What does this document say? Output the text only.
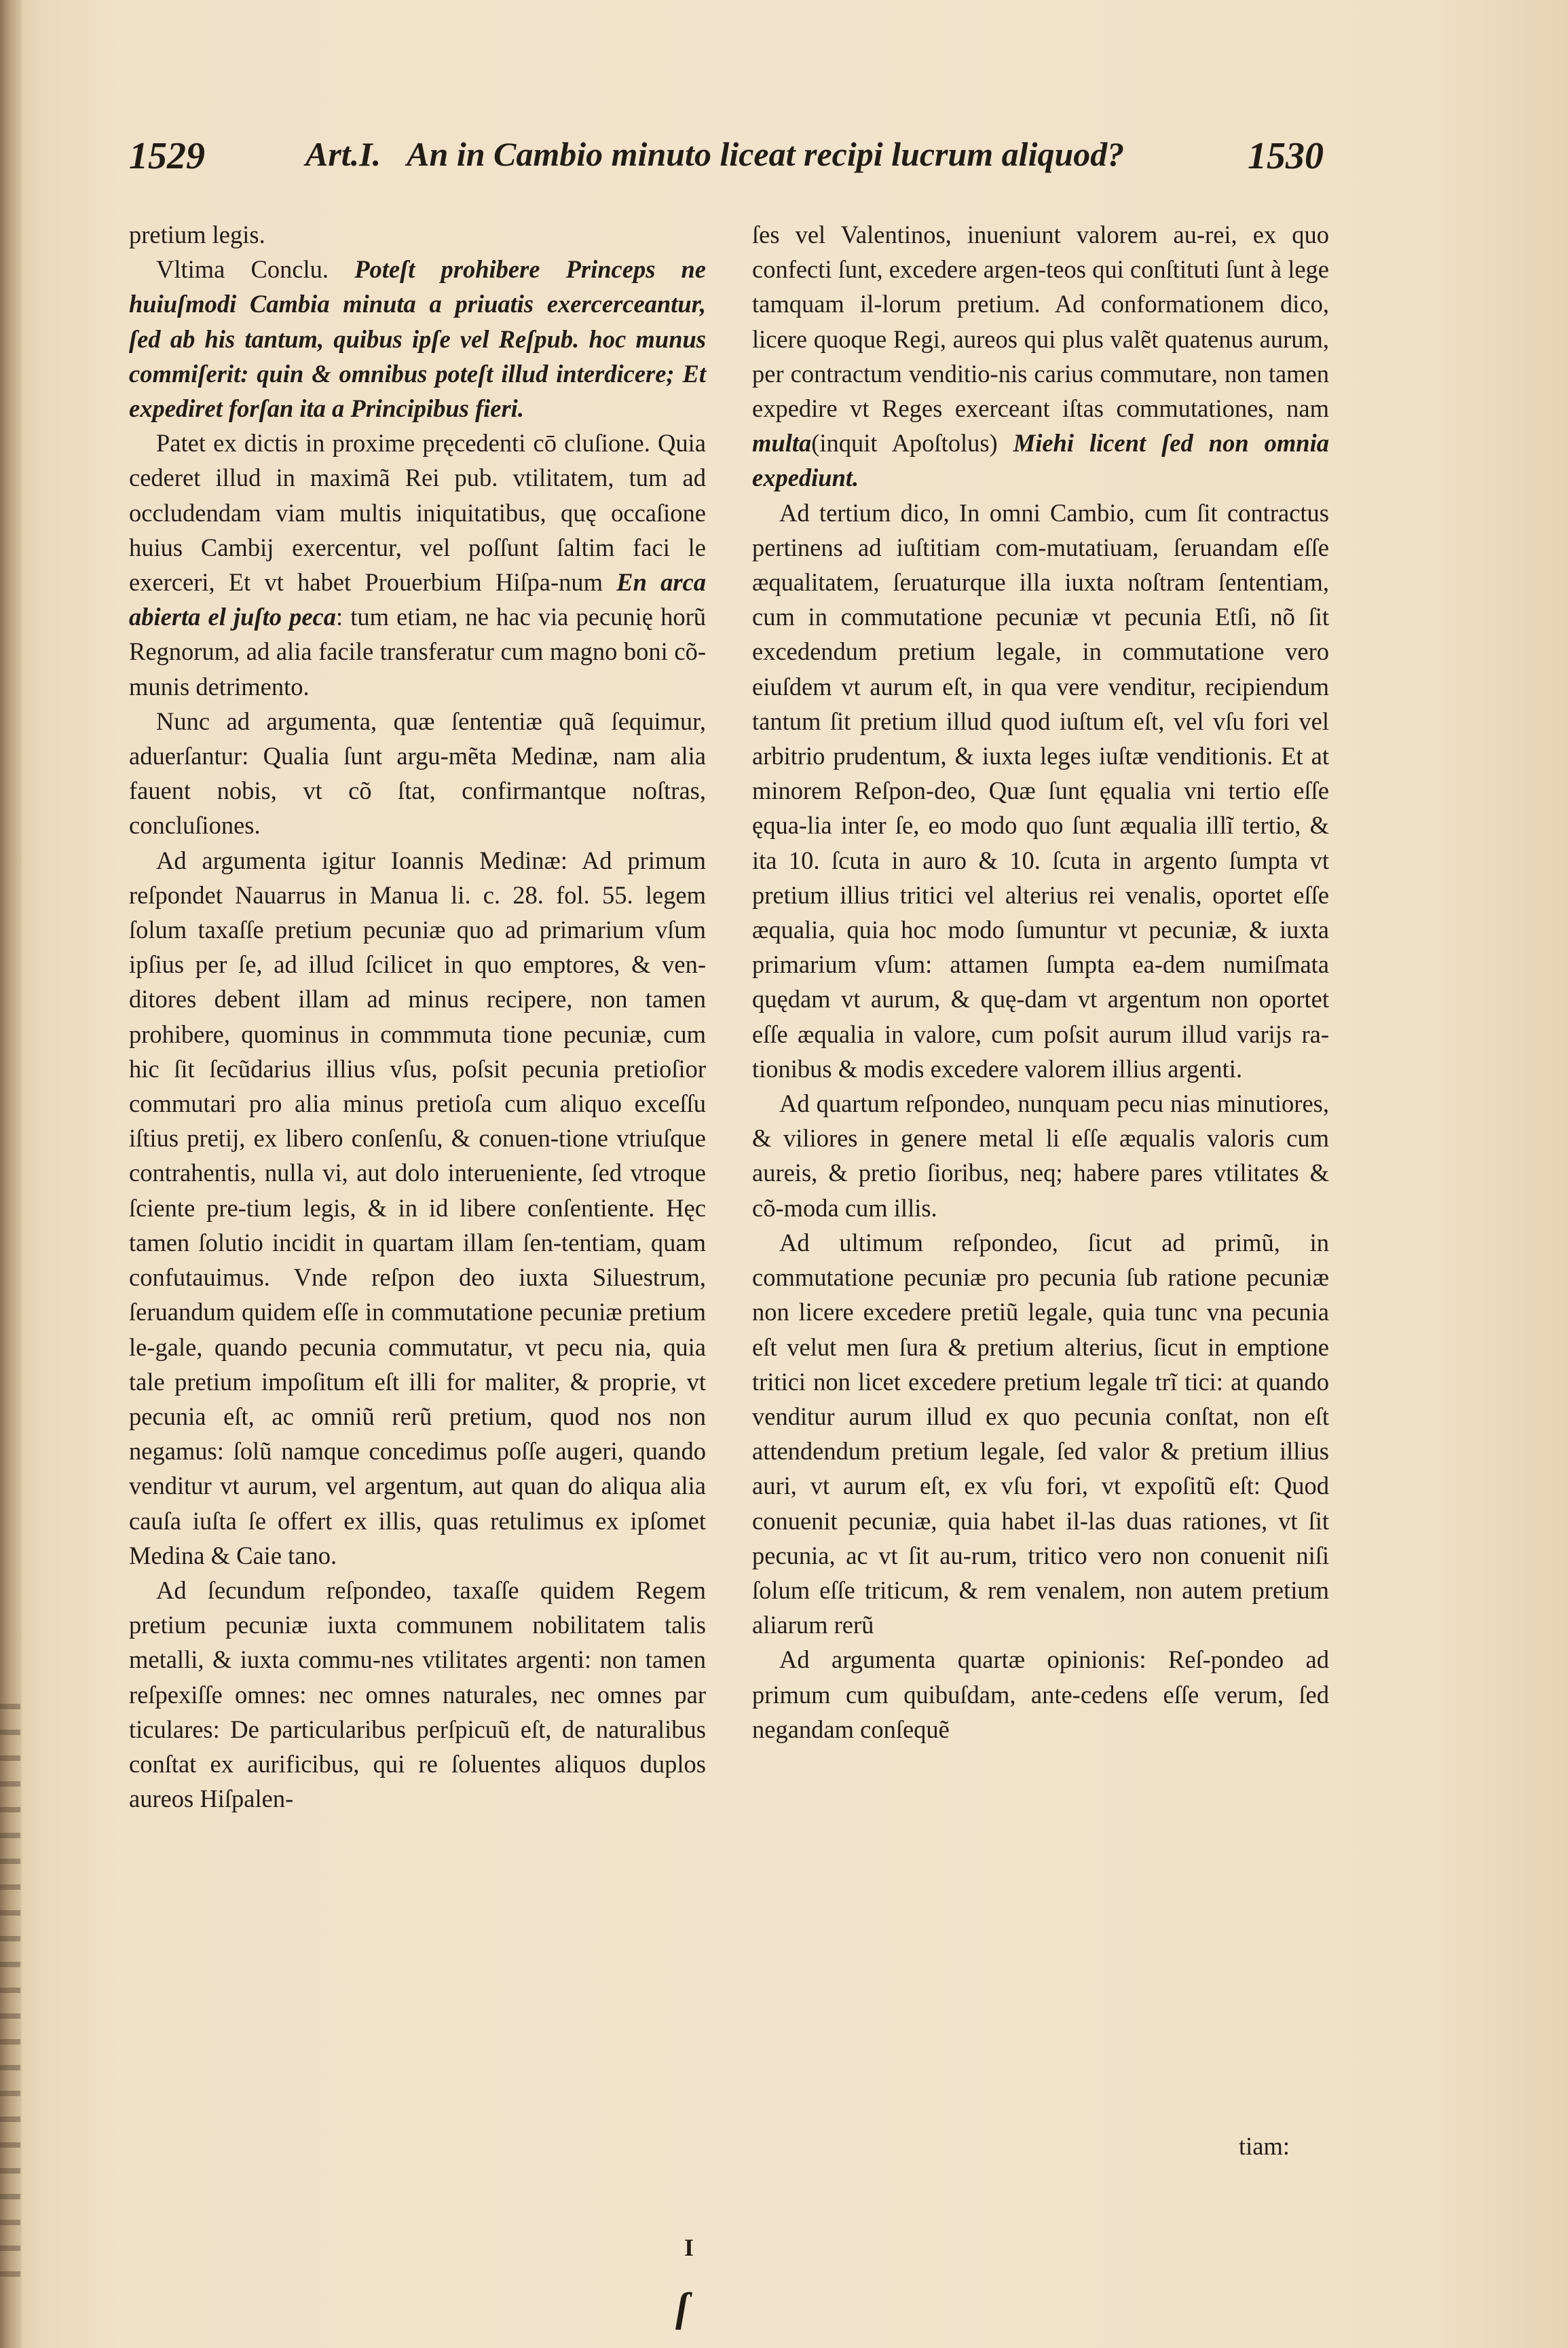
1529	Art.I. An in Cambio minuto liceat recipi lucrum aliquod?	1530

pretium legis.

Vltima Conclu. Poteſt prohibere Princeps ne huiuſmodi Cambia minuta a priuatis exercerceantur, ſed ab his tantum, quibus ipſe vel Reſpub. hoc munus commiſerit: quin & omnibus poteſt illud interdicere; Et expediret forſan ita a Principibus fieri.

Patet ex dictis in proxime pręcedenti cō cluſione. Quia cederet illud in maximã Rei pub. vtilitatem, tum ad occludendam viam multis iniquitatibus, quę occaſione huius Cambij exercentur, vel poſſunt ſaltim faci le exerceri, Et vt habet Prouerbium Hiſpa-num En arca abierta el juſto peca: tum etiam, ne hac via pecunię horũ Regnorum, ad alia facile transferatur cum magno boni cõ-munis detrimento.

Nunc ad argumenta, quæ ſententiæ quã ſequimur, aduerſantur: Qualia ſunt argu-mẽta Medinæ, nam alia fauent nobis, vt cõ ſtat, confirmantque noſtras, concluſiones.

Ad argumenta igitur Ioannis Medinæ: Ad primum reſpondet Nauarrus in Manua li. c. 28. fol. 55. legem ſolum taxaſſe pretium pecuniæ quo ad primarium vſum ipſius per ſe, ad illud ſcilicet in quo emptores, & ven-ditores debent illam ad minus recipere, non tamen prohibere, quominus in commmuta tione pecuniæ, cum hic ſit ſecũdarius illius vſus, poſsit pecunia pretioſior commutari pro alia minus pretioſa cum aliquo exceſſu iſtius pretij, ex libero conſenſu, & conuen-tione vtriuſque contrahentis, nulla vi, aut dolo interueniente, ſed vtroque ſciente pre-tium legis, & in id libere conſentiente. Hęc tamen ſolutio incidit in quartam illam ſen-tentiam, quam confutauimus. Vnde reſpon deo iuxta Siluestrum, ſeruandum quidem eſſe in commutatione pecuniæ pretium le-gale, quando pecunia commutatur, vt pecu nia, quia tale pretium impoſitum eſt illi for maliter, & proprie, vt pecunia eſt, ac omniũ rerũ pretium, quod nos non negamus: ſolũ namque concedimus poſſe augeri, quando venditur vt aurum, vel argentum, aut quan do aliqua alia cauſa iuſta ſe offert ex illis, quas retulimus ex ipſomet Medina & Caie tano.

Ad ſecundum reſpondeo, taxaſſe quidem Regem pretium pecuniæ iuxta communem nobilitatem talis metalli, & iuxta commu-nes vtilitates argenti: non tamen reſpexiſſe omnes: nec omnes naturales, nec omnes par ticulares: De particularibus perſpicuũ eſt, de naturalibus conſtat ex aurificibus, qui re ſoluentes aliquos duplos aureos Hiſpalen-

ſes vel Valentinos, inueniunt valorem au-rei, ex quo confecti ſunt, excedere argen-teos qui conſtituti ſunt à lege tamquam il-lorum pretium. Ad conformationem dico, licere quoque Regi, aureos qui plus valẽt quatenus aurum, per contractum venditio-nis carius commutare, non tamen expedire vt Reges exerceant iſtas commutationes, nam multa(inquit Apoſtolus) Miehi licent ſed non omnia expediunt.

Ad tertium dico, In omni Cambio, cum ſit contractus pertinens ad iuſtitiam com-mutatiuam, ſeruandam eſſe æqualitatem, ſeruaturque illa iuxta noſtram ſententiam, cum in commutatione pecuniæ vt pecunia Etſi, nõ ſit excedendum pretium legale, in commutatione vero eiuſdem vt aurum eſt, in qua vere venditur, recipiendum tantum ſit pretium illud quod iuſtum eſt, vel vſu fori vel arbitrio prudentum, & iuxta leges iuſtæ venditionis. Et at minorem Reſpon-deo, Quæ ſunt ęqualia vni tertio eſſe ęqua-lia inter ſe, eo modo quo ſunt æqualia illĩ tertio, & ita 10. ſcuta in auro & 10. ſcuta in argento ſumpta vt pretium illius tritici vel alterius rei venalis, oportet eſſe æqualia, quia hoc modo ſumuntur vt pecuniæ, & iuxta primarium vſum: attamen ſumpta ea-dem numiſmata quędam vt aurum, & quę-dam vt argentum non oportet eſſe æqualia in valore, cum poſsit aurum illud varijs ra-tionibus & modis excedere valorem illius argenti.

Ad quartum reſpondeo, nunquam pecu nias minutiores, & viliores in genere metal li eſſe æqualis valoris cum aureis, & pretio ſioribus, neq; habere pares vtilitates & cõ-moda cum illis.

Ad ultimum reſpondeo, ſicut ad primũ, in commutatione pecuniæ pro pecunia ſub ratione pecuniæ non licere excedere pretiũ legale, quia tunc vna pecunia eſt velut men ſura & pretium alterius, ſicut in emptione tritici non licet excedere pretium legale trĩ tici: at quando venditur aurum illud ex quo pecunia conſtat, non eſt attendendum pretium legale, ſed valor & pretium illius auri, vt aurum eſt, ex vſu fori, vt expoſitũ eſt: Quod conuenit pecuniæ, quia habet il-las duas rationes, vt ſit pecunia, ac vt ſit au-rum, tritico vero non conuenit niſi ſolum eſſe triticum, & rem venalem, non autem pretium aliarum rerũ

Ad argumenta quartæ opinionis: Reſ-pondeo ad primum cum quibuſdam, ante-cedens eſſe verum, ſed negandam conſequẽ

tiam:
I
ſ
